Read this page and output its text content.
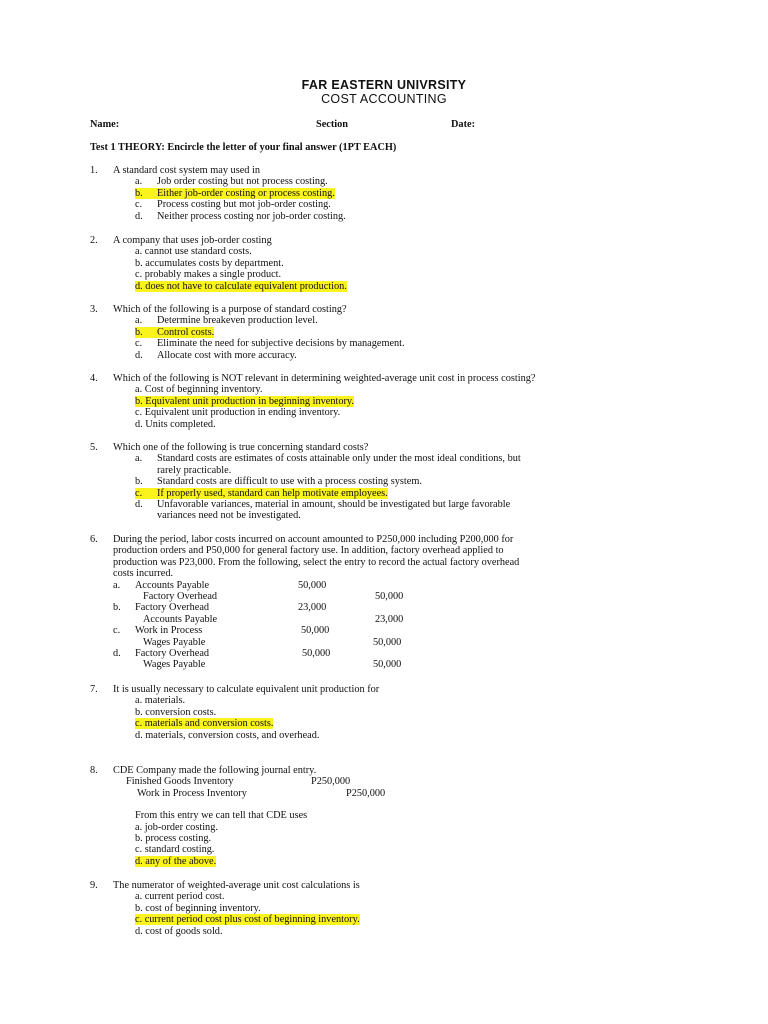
FAR EASTERN UNIVRSITY
COST ACCOUNTING
Name:	Section	Date:
Test 1 THEORY: Encircle the letter of your final answer (1PT EACH)
1. A standard cost system may used in
a. Job order costing but not process costing.
b. Either job-order costing or process costing.
c. Process costing but mot job-order costing.
d. Neither process costing nor job-order costing.
2. A company that uses job-order costing
a. cannot use standard costs.
b. accumulates costs by department.
c. probably makes a single product.
d. does not have to calculate equivalent production.
3. Which of the following is a purpose of standard costing?
a. Determine breakeven production level.
b. Control costs.
c. Eliminate the need for subjective decisions by management.
d. Allocate cost with more accuracy.
4. Which of the following is NOT relevant in determining weighted-average unit cost in process costing?
a. Cost of beginning inventory.
b. Equivalent unit production in beginning inventory.
c. Equivalent unit production in ending inventory.
d. Units completed.
5. Which one of the following is true concerning standard costs?
a. Standard costs are estimates of costs attainable only under the most ideal conditions, but
rarely practicable.
b. Standard costs are difficult to use with a process costing system.
c. If properly used, standard can help motivate employees.
d. Unfavorable variances, material in amount, should be investigated but large favorable
variances need not be investigated.
6. During the period, labor costs incurred on account amounted to P250,000 including P200,000 for
production orders and P50,000 for general factory use. In addition, factory overhead applied to
production was P23,000. From the following, select the entry to record the actual factory overhead
costs incurred.
a. Accounts Payable	50,000
Factory Overhead	50,000
b. Factory Overhead	23,000
Accounts Payable	23,000
c. Work in Process	50,000
Wages Payable	50,000
d. Factory Overhead	50,000
Wages Payable	50,000
7. It is usually necessary to calculate equivalent unit production for
a. materials.
b. conversion costs.
c. materials and conversion costs.
d. materials, conversion costs, and overhead.
8. CDE Company made the following journal entry.
Finished Goods Inventory	P250,000
Work in Process Inventory	P250,000
From this entry we can tell that CDE uses
a. job-order costing.
b. process costing.
c. standard costing.
d. any of the above.
9. The numerator of weighted-average unit cost calculations is
a. current period cost.
b. cost of beginning inventory.
c. current period cost plus cost of beginning inventory.
d. cost of goods sold.
